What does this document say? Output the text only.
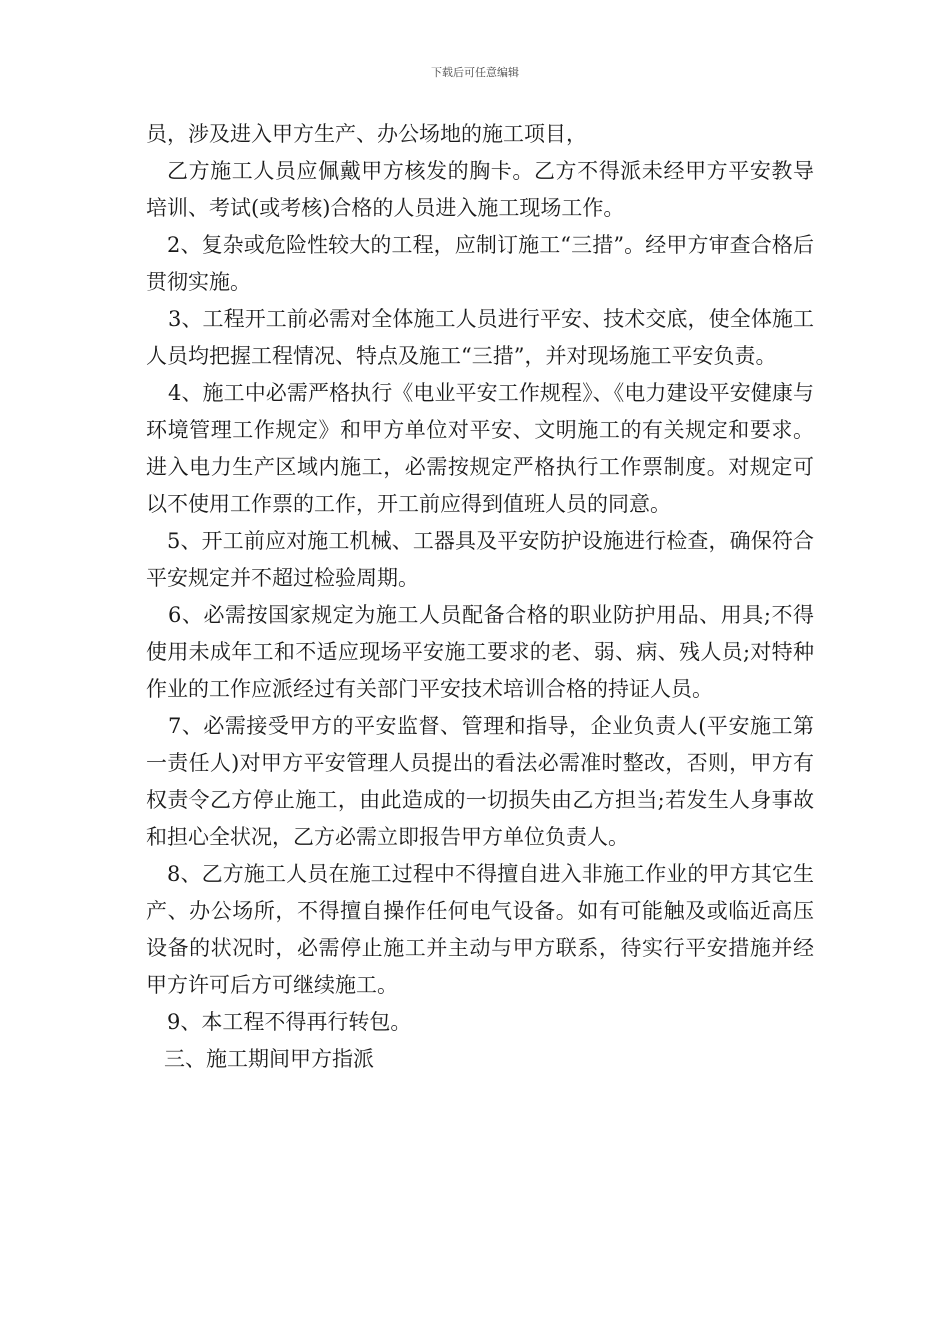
下载后可任意编辑

员，涉及进入甲方生产、办公场地的施工项目，

乙方施工人员应佩戴甲方核发的胸卡。乙方不得派未经甲方平安教导培训、考试(或考核)合格的人员进入施工现场工作。

2、复杂或危险性较大的工程，应制订施工“三措”。经甲方审查合格后贯彻实施。

3、工程开工前必需对全体施工人员进行平安、技术交底，使全体施工人员均把握工程情况、特点及施工“三措”，并对现场施工平安负责。

4、施工中必需严格执行《电业平安工作规程》、《电力建设平安健康与环境管理工作规定》和甲方单位对平安、文明施工的有关规定和要求。进入电力生产区域内施工，必需按规定严格执行工作票制度。对规定可以不使用工作票的工作，开工前应得到值班人员的同意。

5、开工前应对施工机械、工器具及平安防护设施进行检查，确保符合平安规定并不超过检验周期。

6、必需按国家规定为施工人员配备合格的职业防护用品、用具;不得使用未成年工和不适应现场平安施工要求的老、弱、病、残人员;对特种作业的工作应派经过有关部门平安技术培训合格的持证人员。

7、必需接受甲方的平安监督、管理和指导，企业负责人(平安施工第一责任人)对甲方平安管理人员提出的看法必需准时整改，否则，甲方有权责令乙方停止施工，由此造成的一切损失由乙方担当;若发生人身事故和担心全状况，乙方必需立即报告甲方单位负责人。

8、乙方施工人员在施工过程中不得擅自进入非施工作业的甲方其它生产、办公场所，不得擅自操作任何电气设备。如有可能触及或临近高压设备的状况时，必需停止施工并主动与甲方联系，待实行平安措施并经甲方许可后方可继续施工。

9、本工程不得再行转包。

三、施工期间甲方指派
